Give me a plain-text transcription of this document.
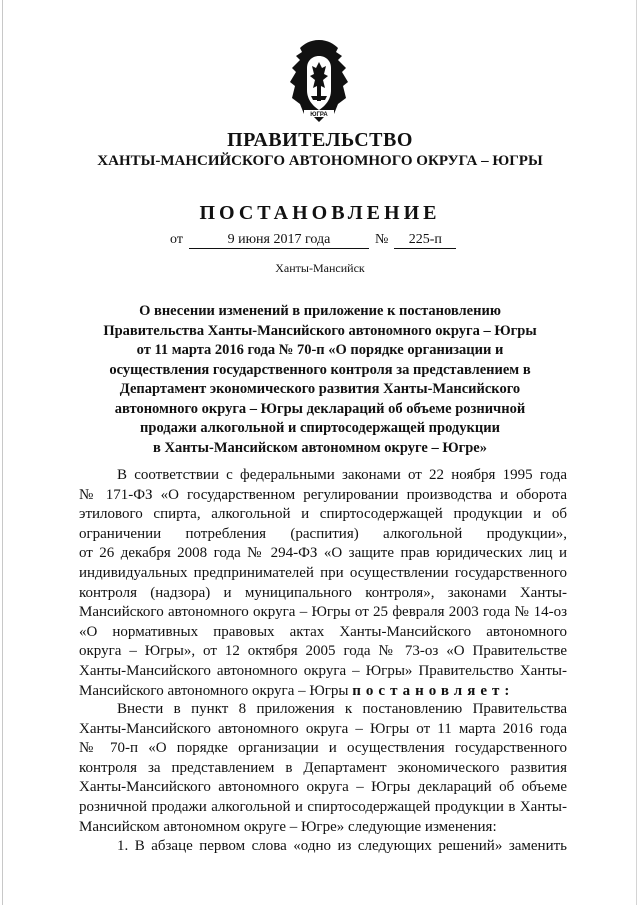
ЮГРА
ПРАВИТЕЛЬСТВО
ХАНТЫ-МАНСИЙСКОГО АВТОНОМНОГО ОКРУГА – ЮГРЫ
ПОСТАНОВЛЕНИЕ
от	9 июня 2017 года	№ 225-п
Ханты-Мансийск
О внесении изменений в приложение к постановлению
Правительства Ханты-Мансийского автономного округа – Югры
от 11 марта 2016 года № 70-п «О порядке организации и
осуществления государственного контроля за представлением в
Департамент экономического развития Ханты-Мансийского
автономного округа – Югры деклараций об объеме розничной
продажи алкогольной и спиртосодержащей продукции
в Ханты-Мансийском автономном округе – Югре»
В соответствии с федеральными законами от 22 ноября 1995 года
№ 171-ФЗ «О государственном регулировании производства и оборота
этилового спирта, алкогольной и спиртосодержащей продукции и об
ограничении потребления (распития) алкогольной продукции»,
от 26 декабря 2008 года № 294-ФЗ «О защите прав юридических лиц и
индивидуальных предпринимателей при осуществлении государственного
контроля (надзора) и муниципального контроля», законами Ханты-
Мансийского автономного округа – Югры от 25 февраля 2003 года № 14-оз
«О нормативных правовых актах Ханты-Мансийского автономного
округа – Югры», от 12 октября 2005 года № 73-оз «О Правительстве
Ханты-Мансийского автономного округа – Югры» Правительство Ханты-
Мансийского автономного округа – Югры постановляет:
Внести в пункт 8 приложения к постановлению Правительства
Ханты-Мансийского автономного округа – Югры от 11 марта 2016 года
№ 70-п «О порядке организации и осуществления государственного
контроля за представлением в Департамент экономического развития
Ханты-Мансийского автономного округа – Югры деклараций об объеме
розничной продажи алкогольной и спиртосодержащей продукции в Ханты-
Мансийском автономном округе – Югре» следующие изменения:
1. В абзаце первом слова «одно из следующих решений» заменить
